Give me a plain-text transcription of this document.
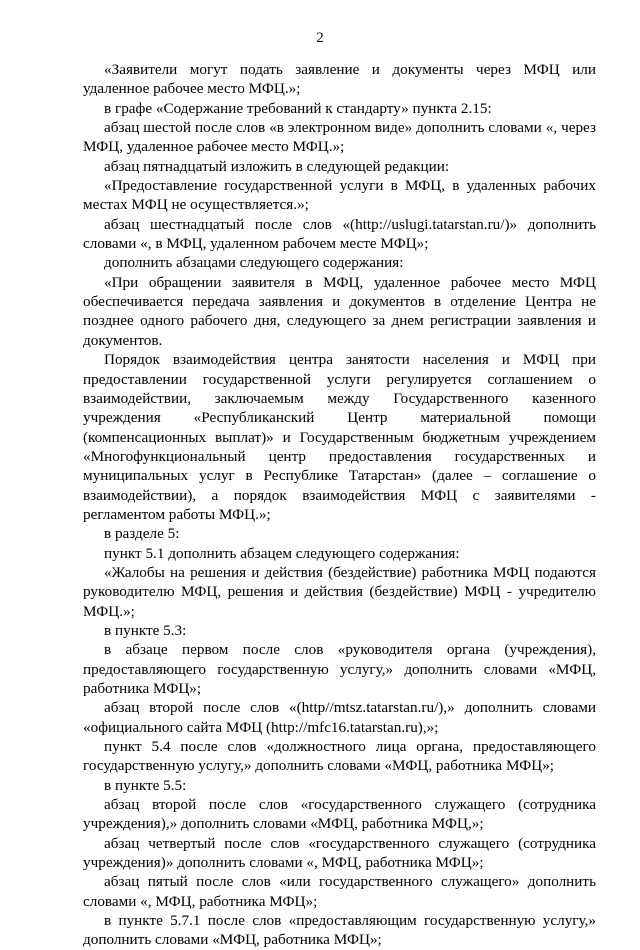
2

«Заявители могут подать заявление и документы через МФЦ или удаленное рабочее место МФЦ.»;

в графе «Содержание требований к стандарту» пункта 2.15:

абзац шестой после слов «в электронном виде» дополнить словами «, через МФЦ, удаленное рабочее место МФЦ.»;

абзац пятнадцатый изложить в следующей редакции:

«Предоставление государственной услуги в МФЦ, в удаленных рабочих местах МФЦ не осуществляется.»;

абзац шестнадцатый после слов «(http://uslugi.tatarstan.ru/)» дополнить словами «, в МФЦ, удаленном рабочем месте МФЦ»;

дополнить абзацами следующего содержания:

«При обращении заявителя в МФЦ, удаленное рабочее место МФЦ обеспечивается передача заявления и документов в отделение Центра не позднее одного рабочего дня, следующего за днем регистрации заявления и документов.

Порядок взаимодействия центра занятости населения и МФЦ при предоставлении государственной услуги регулируется соглашением о взаимодействии, заключаемым между Государственного казенного учреждения «Республиканский Центр материальной помощи (компенсационных выплат)» и Государственным бюджетным учреждением «Многофункциональный центр предоставления государственных и муниципальных услуг в Республике Татарстан» (далее – соглашение о взаимодействии), а порядок взаимодействия МФЦ с заявителями - регламентом работы МФЦ.»;

в разделе 5:

пункт 5.1 дополнить абзацем следующего содержания:

«Жалобы на решения и действия (бездействие) работника МФЦ подаются руководителю МФЦ, решения и действия (бездействие) МФЦ - учредителю МФЦ.»;

в пункте 5.3:

в абзаце первом после слов «руководителя органа (учреждения), предоставляющего государственную услугу,» дополнить словами «МФЦ, работника МФЦ»;

абзац второй после слов «(http//mtsz.tatarstan.ru/),» дополнить словами «официального сайта МФЦ (http://mfc16.tatarstan.ru),»;

пункт 5.4 после слов «должностного лица органа, предоставляющего государственную услугу,» дополнить словами «МФЦ, работника МФЦ»;

в пункте 5.5:

абзац второй после слов «государственного служащего (сотрудника учреждения),» дополнить словами «МФЦ, работника МФЦ,»;

абзац четвертый после слов «государственного служащего (сотрудника учреждения)» дополнить словами «, МФЦ, работника МФЦ»;

абзац пятый после слов «или государственного служащего» дополнить словами «, МФЦ, работника МФЦ»;

в пункте 5.7.1 после слов «предоставляющим государственную услугу,» дополнить словами «МФЦ, работника МФЦ»;
